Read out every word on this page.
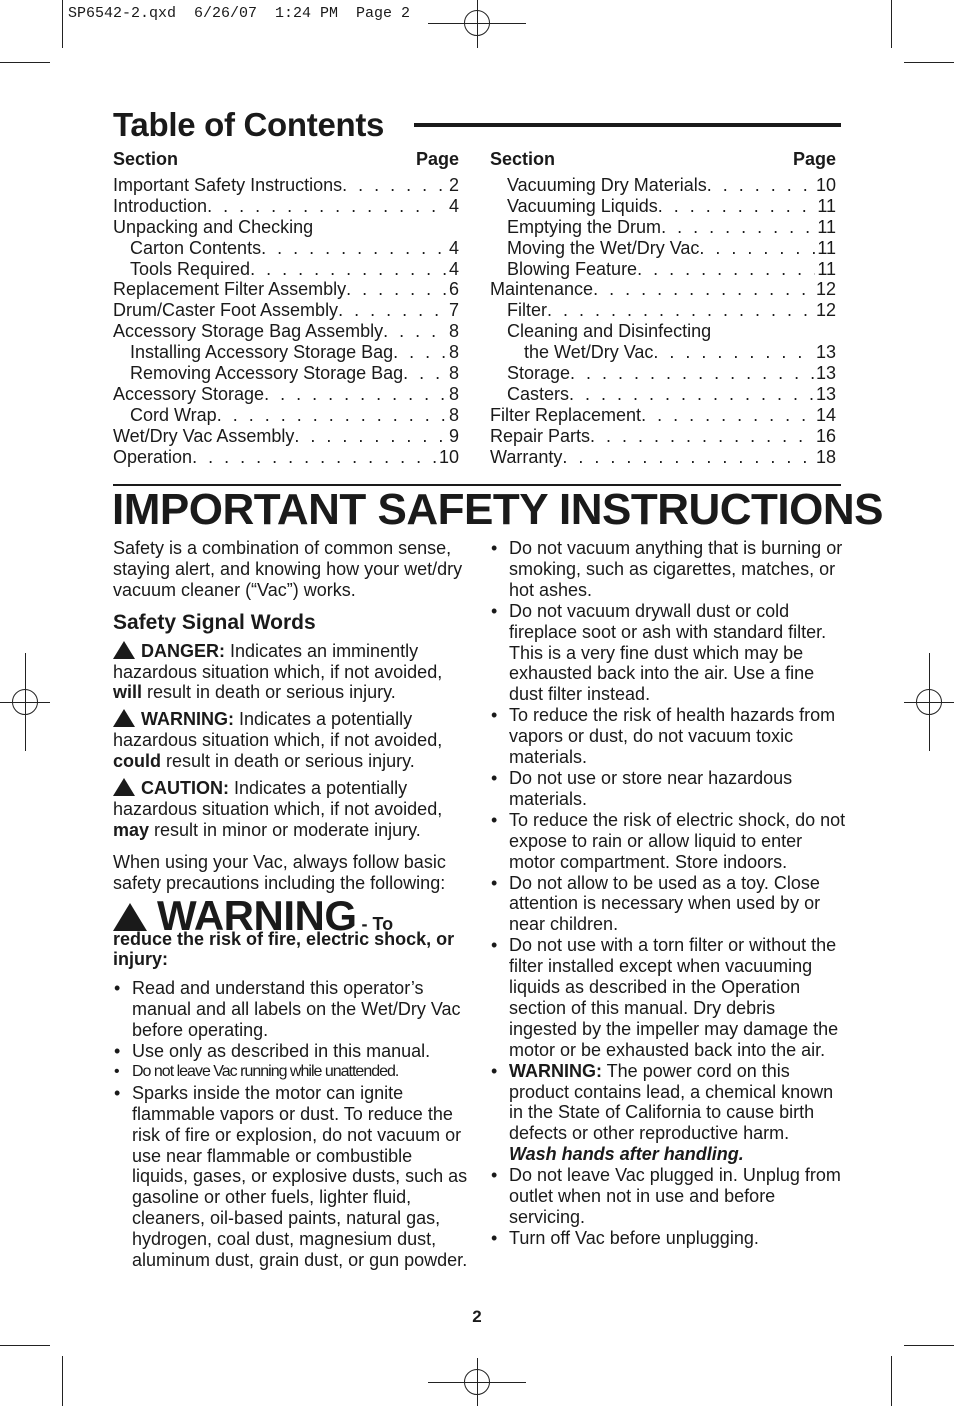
SP6542-2.qxd  6/26/07  1:24 PM  Page 2
Table of Contents
Section	Page
Important Safety Instructions . . .	2
Introduction . . .	4
Unpacking and Checking
Carton Contents . . .	4
Tools Required . . .	4
Replacement Filter Assembly . . .	6
Drum/Caster Foot Assembly . . .	7
Accessory Storage Bag Assembly . . .	8
Installing Accessory Storage Bag . . .	8
Removing Accessory Storage Bag . . .	8
Accessory Storage . . .	8
Cord Wrap . . .	8
Wet/Dry Vac Assembly . . .	9
Operation . . .	10
Section	Page
Vacuuming Dry Materials . . .	10
Vacuuming Liquids . . .	11
Emptying the Drum . . .	11
Moving the Wet/Dry Vac . . .	11
Blowing Feature . . .	11
Maintenance . . .	12
Filter . . .	12
Cleaning and Disinfecting
the Wet/Dry Vac . . .	13
Storage . . .	13
Casters . . .	13
Filter Replacement . . .	14
Repair Parts . . .	16
Warranty . . .	18
IMPORTANT SAFETY INSTRUCTIONS

Safety is a combination of common sense, staying alert, and knowing how your wet/dry vacuum cleaner (“Vac”) works.

Safety Signal Words

DANGER: Indicates an imminently hazardous situation which, if not avoided, will result in death or serious injury.

WARNING: Indicates a potentially hazardous situation which, if not avoided, could result in death or serious injury.

CAUTION: Indicates a potentially hazardous situation which, if not avoided, may result in minor or moderate injury.

When using your Vac, always follow basic safety precautions including the following:

WARNING - To

reduce the risk of fire, electric shock, or injury:

• Read and understand this operator’s manual and all labels on the Wet/Dry Vac before operating.
• Use only as described in this manual.
• Do not leave Vac running while unattended.
• Sparks inside the motor can ignite flammable vapors or dust. To reduce the risk of fire or explosion, do not vacuum or use near flammable or combustible liquids, gases, or explosive dusts, such as gasoline or other fuels, lighter fluid, cleaners, oil-based paints, natural gas, hydrogen, coal dust, magnesium dust, aluminum dust, grain dust, or gun powder.
• Do not vacuum anything that is burning or smoking, such as cigarettes, matches, or hot ashes.
• Do not vacuum drywall dust or cold fireplace soot or ash with standard filter. This is a very fine dust which may be exhausted back into the air. Use a fine dust filter instead.
• To reduce the risk of health hazards from vapors or dust, do not vacuum toxic materials.
• Do not use or store near hazardous materials.
• To reduce the risk of electric shock, do not expose to rain or allow liquid to enter motor compartment. Store indoors.
• Do not allow to be used as a toy. Close attention is necessary when used by or near children.
• Do not use with a torn filter or without the filter installed except when vacuuming liquids as described in the Operation section of this manual. Dry debris ingested by the impeller may damage the motor or be exhausted back into the air.
• WARNING: The power cord on this product contains lead, a chemical known in the State of California to cause birth defects or other reproductive harm.
Wash hands after handling.
• Do not leave Vac plugged in. Unplug from outlet when not in use and before servicing.
• Turn off Vac before unplugging.
2
